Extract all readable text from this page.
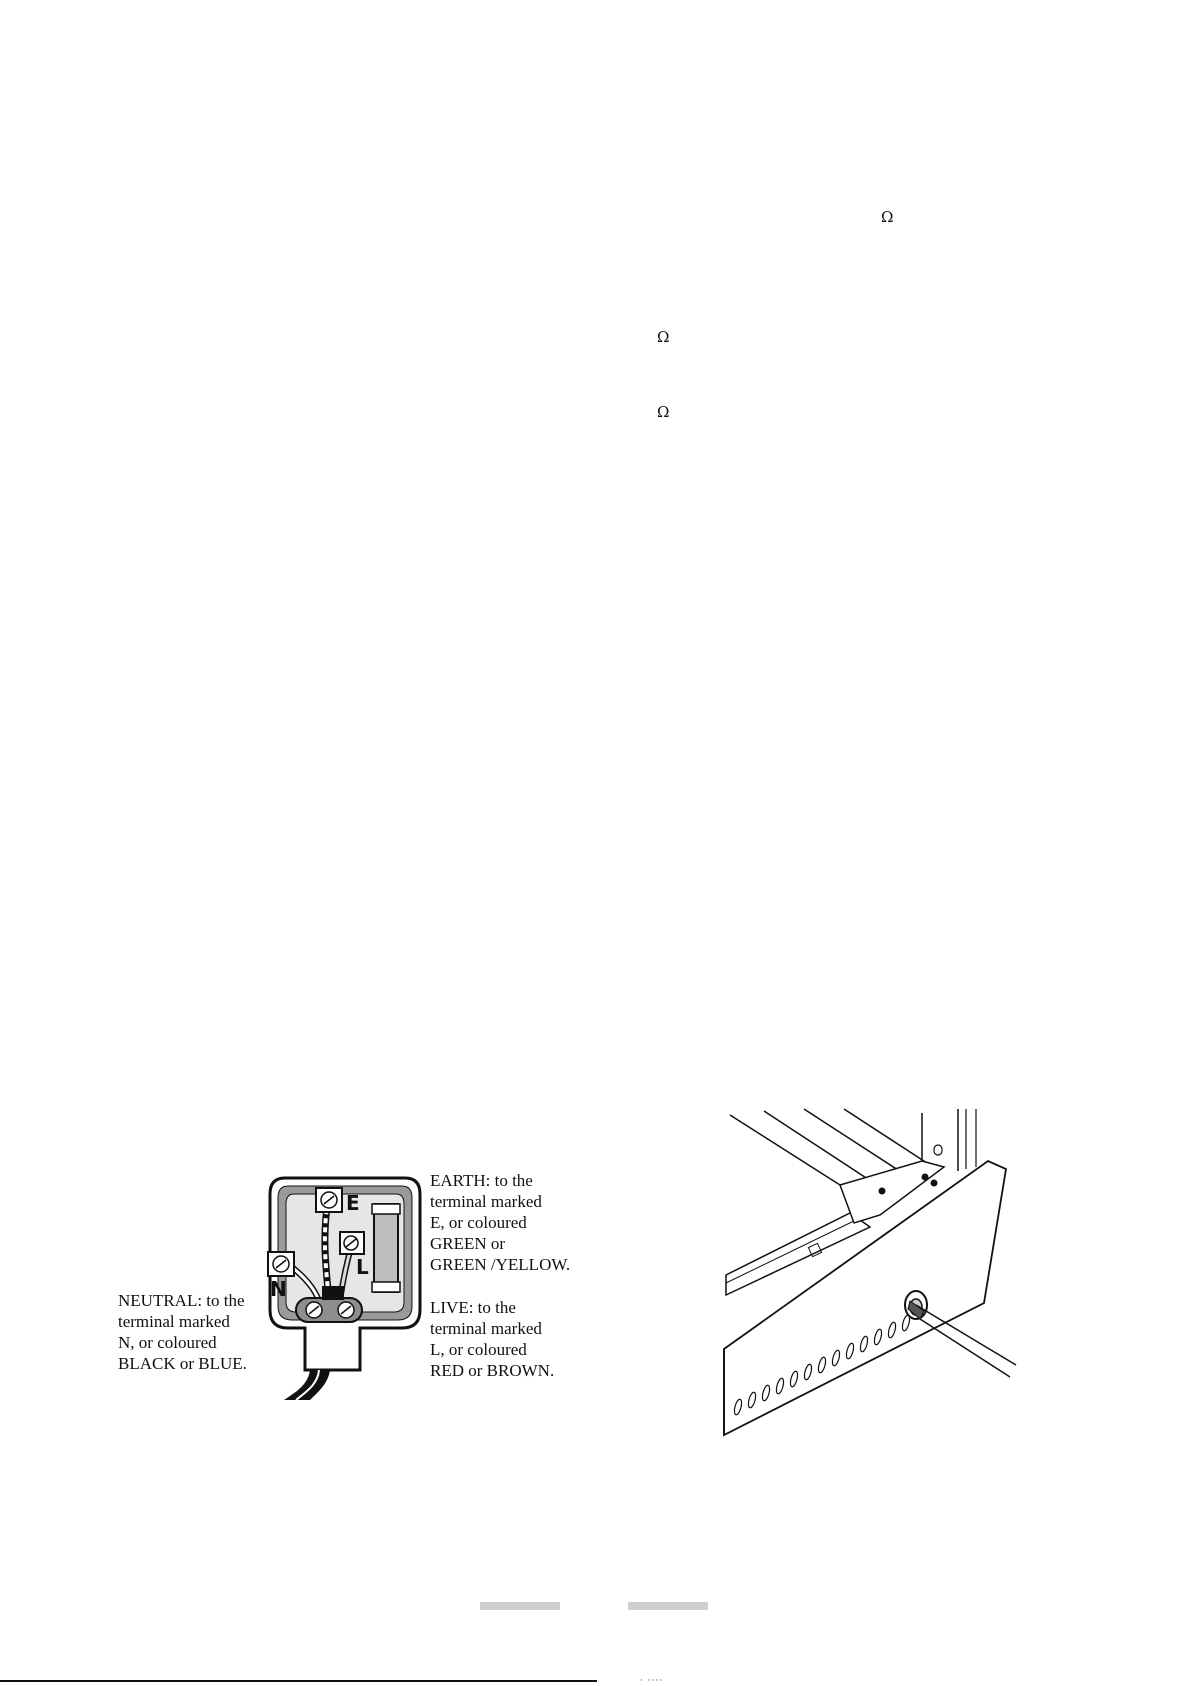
Ω
Ω
Ω
E
L
N
EARTH: to the
terminal marked
E, or coloured
GREEN or
GREEN /YELLOW.
LIVE: to the
terminal marked
L, or coloured
RED or BROWN.
NEUTRAL: to the
terminal marked
N, or coloured
BLACK or BLUE.
· ····
